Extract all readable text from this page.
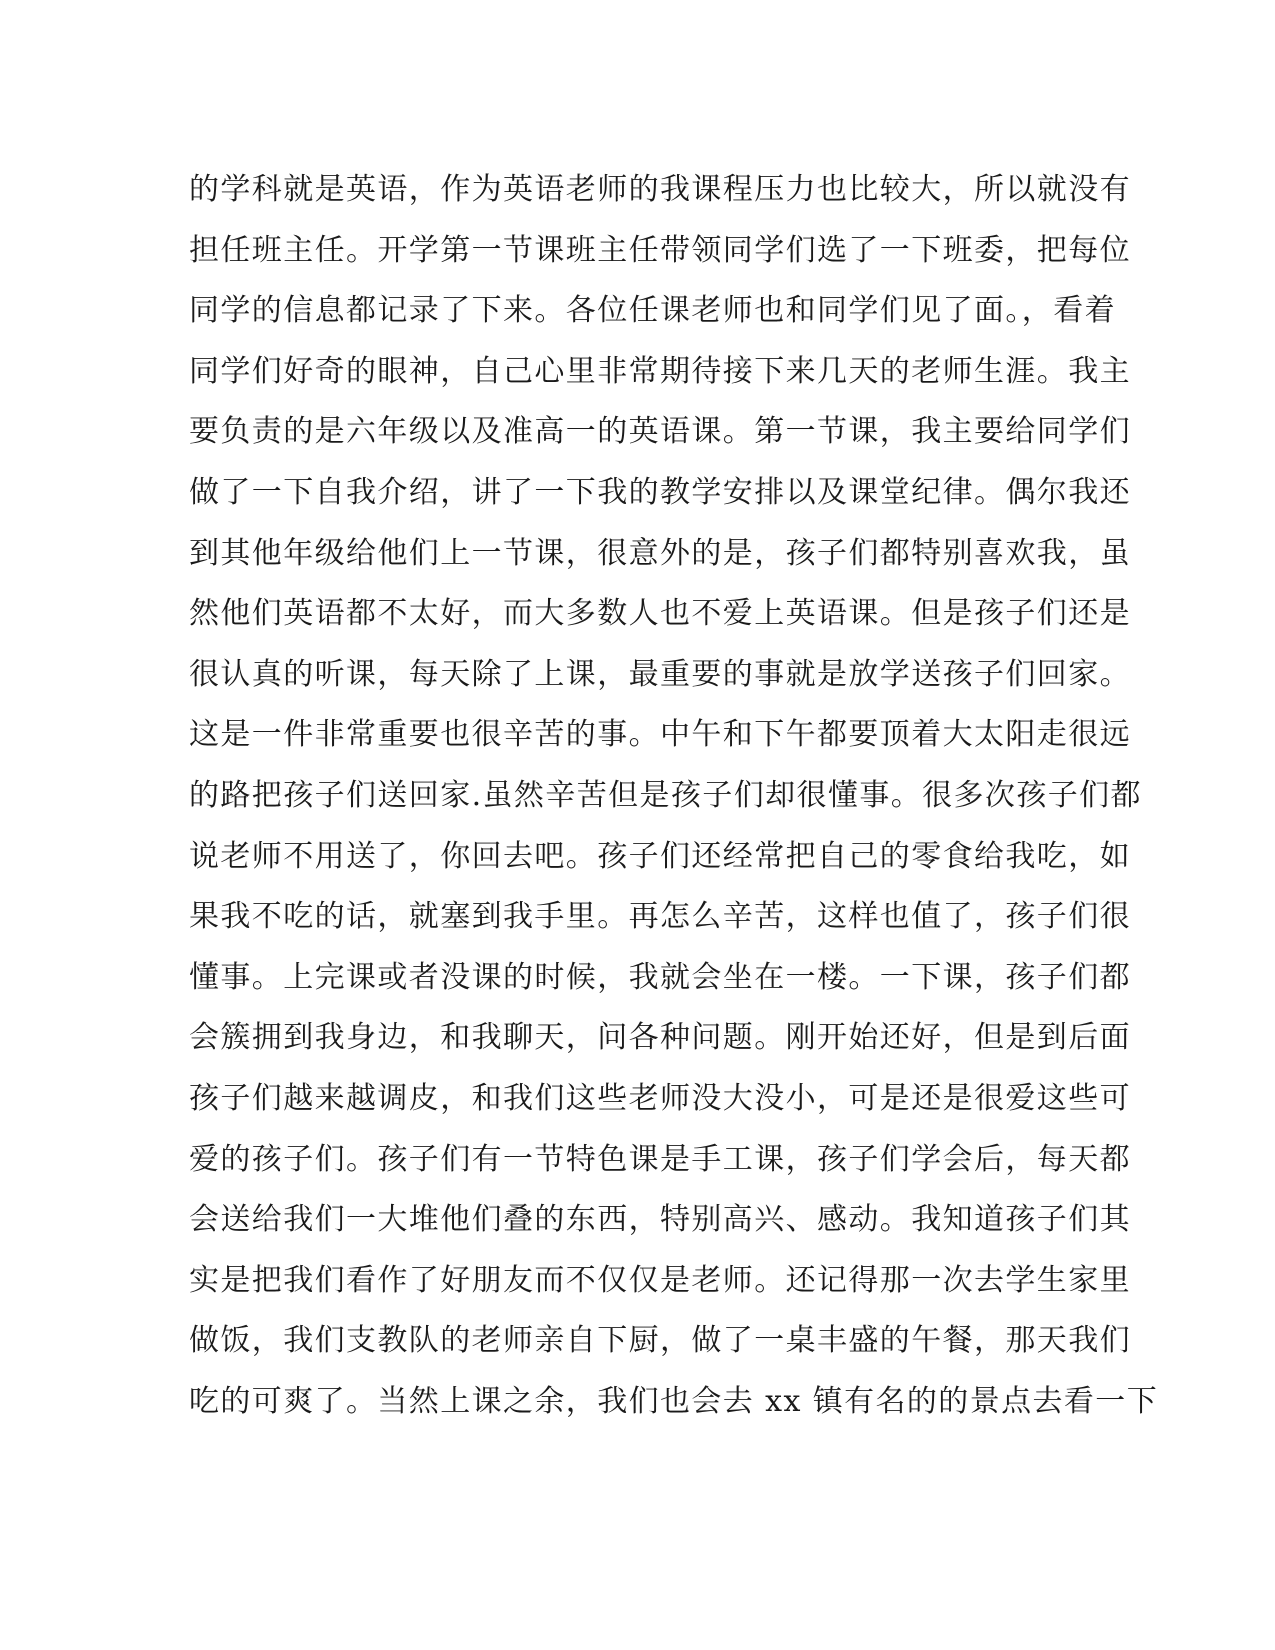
的学科就是英语，作为英语老师的我课程压力也比较大，所以就没有
担任班主任。开学第一节课班主任带领同学们选了一下班委，把每位
同学的信息都记录了下来。各位任课老师也和同学们见了面。，看着
同学们好奇的眼神，自己心里非常期待接下来几天的老师生涯。我主
要负责的是六年级以及准高一的英语课。第一节课，我主要给同学们
做了一下自我介绍，讲了一下我的教学安排以及课堂纪律。偶尔我还
到其他年级给他们上一节课，很意外的是，孩子们都特别喜欢我，虽
然他们英语都不太好，而大多数人也不爱上英语课。但是孩子们还是
很认真的听课，每天除了上课，最重要的事就是放学送孩子们回家。
这是一件非常重要也很辛苦的事。中午和下午都要顶着大太阳走很远
的路把孩子们送回家.虽然辛苦但是孩子们却很懂事。很多次孩子们都
说老师不用送了，你回去吧。孩子们还经常把自己的零食给我吃，如
果我不吃的话，就塞到我手里。再怎么辛苦，这样也值了，孩子们很
懂事。上完课或者没课的时候，我就会坐在一楼。一下课，孩子们都
会簇拥到我身边，和我聊天，问各种问题。刚开始还好，但是到后面
孩子们越来越调皮，和我们这些老师没大没小，可是还是很爱这些可
爱的孩子们。孩子们有一节特色课是手工课，孩子们学会后，每天都
会送给我们一大堆他们叠的东西，特别高兴、感动。我知道孩子们其
实是把我们看作了好朋友而不仅仅是老师。还记得那一次去学生家里
做饭，我们支教队的老师亲自下厨，做了一桌丰盛的午餐，那天我们
吃的可爽了。当然上课之余，我们也会去 xx 镇有名的的景点去看一下
